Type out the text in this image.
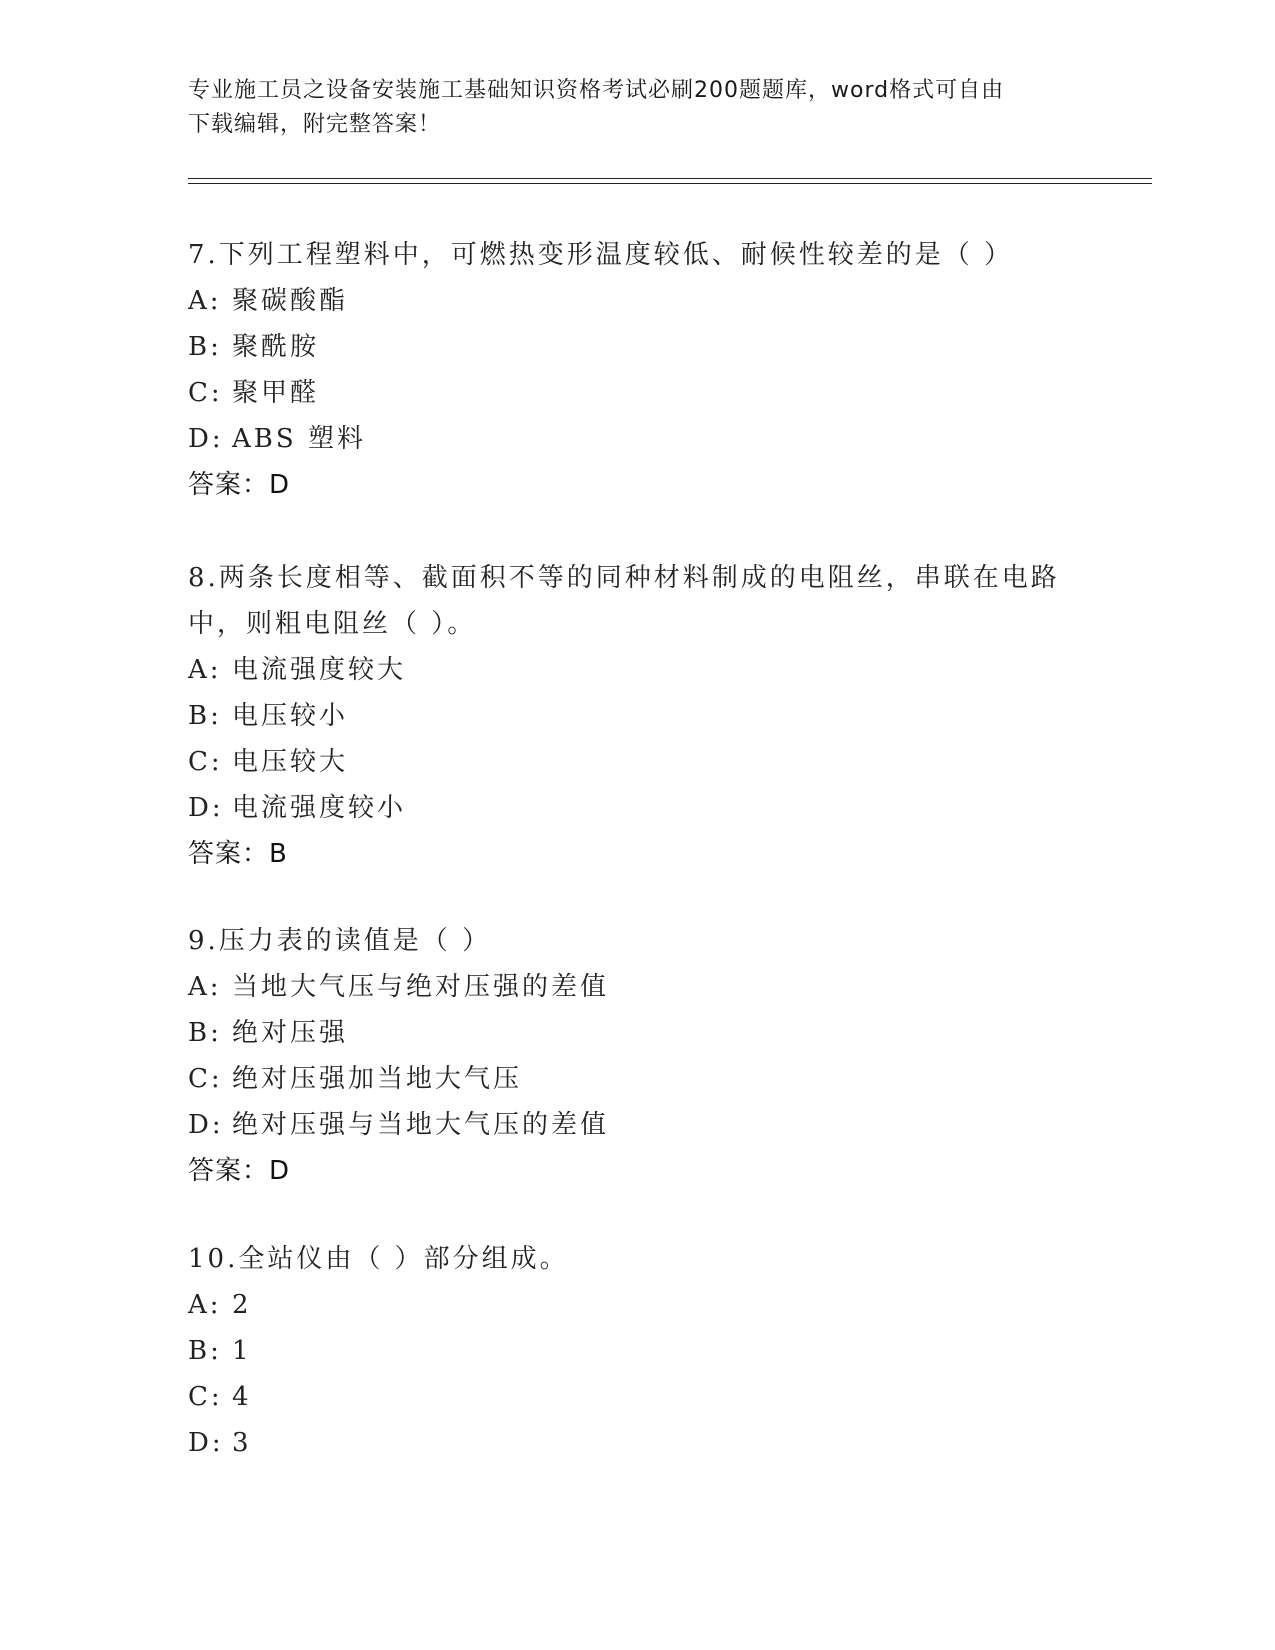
专业施工员之设备安装施工基础知识资格考试必刷200题题库，word格式可自由
下载编辑，附完整答案！
7.下列工程塑料中，可燃热变形温度较低、耐候性较差的是（ ）
A: 聚碳酸酯
B: 聚酰胺
C: 聚甲醛
D: ABS 塑料
答案：D
8.两条长度相等、截面积不等的同种材料制成的电阻丝，串联在电路
中，则粗电阻丝（ ）。
A: 电流强度较大
B: 电压较小
C: 电压较大
D: 电流强度较小
答案：B
9.压力表的读值是（ ）
A: 当地大气压与绝对压强的差值
B: 绝对压强
C: 绝对压强加当地大气压
D: 绝对压强与当地大气压的差值
答案：D
10.全站仪由（ ）部分组成。
A: 2
B: 1
C: 4
D: 3
